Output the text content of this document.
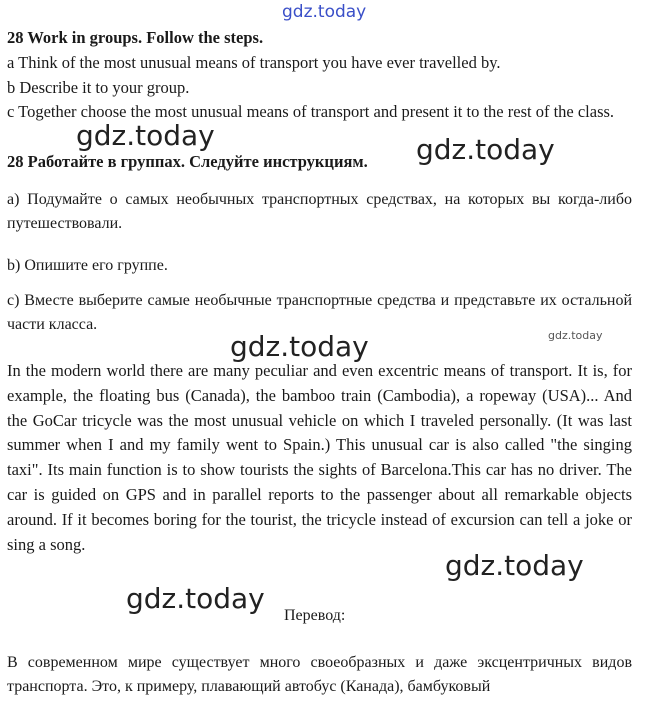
gdz.today
28 Work in groups. Follow the steps.
a Think of the most unusual means of transport you have ever travelled by.
b Describe it to your group.
c Together choose the most unusual means of transport and present it to the rest of the class.
gdz.today	gdz.today
28 Работайте в группах. Следуйте инструкциям.
a) Подумайте о самых необычных транспортных средствах, на которых вы когда-либо путешествовали.
b) Опишите его группе.
c) Вместе выберите самые необычные транспортные средства и представьте их остальной части класса.
gdz.today
gdz.today
In the modern world there are many peculiar and even excentric means of transport. It is, for example, the floating bus (Canada), the bamboo train (Cambodia), a ropeway (USA)... And the GoCar tricycle was the most unusual vehicle on which I traveled personally. (It was last summer when I and my family went to Spain.) This unusual car is also called "the singing taxi". Its main function is to show tourists the sights of Barcelona.This car has no driver. The car is guided on GPS and in parallel reports to the passenger about all remarkable objects around. If it becomes boring for the tourist, the tricycle instead of excursion can tell a joke or sing a song.
gdz.today
gdz.today
Перевод:
В современном мире существует много своеобразных и даже эксцентричных видов транспорта. Это, к примеру, плавающий автобус (Канада), бамбуковый
